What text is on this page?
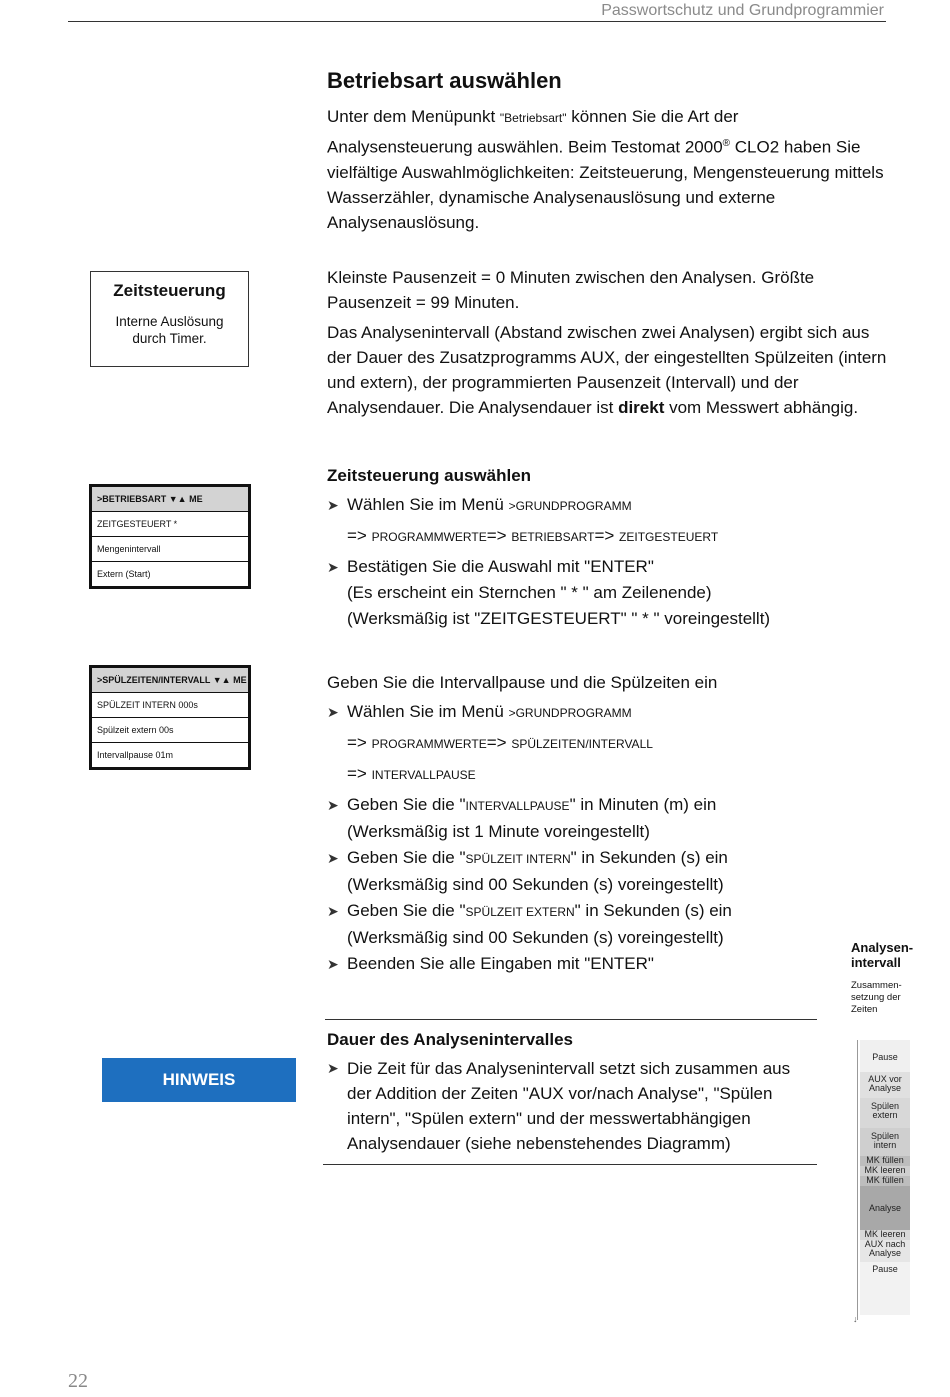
Passwortschutz und Grundprogrammier
Betriebsart auswählen

Unter dem Menüpunkt "Betriebsart" können Sie die Art der Analysensteuerung auswählen. Beim Testomat 2000® CLO2 haben Sie vielfältige Auswahlmöglichkeiten: Zeitsteuerung, Mengensteuerung mittels Wasserzähler, dynamische Analysenauslösung und externe Analysenauslösung.

Zeitsteuerung
Interne Auslösung durch Timer.

Kleinste Pausenzeit = 0 Minuten zwischen den Analysen. Größte Pausenzeit = 99 Minuten.

Das Analysenintervall (Abstand zwischen zwei Analysen) ergibt sich aus der Dauer des Zusatzprogramms AUX, der eingestellten Spülzeiten (intern und extern), der programmierten Pausenzeit (Intervall) und der Analysendauer. Die Analysendauer ist direkt vom Messwert abhängig.

>BETRIEBSART ▼▲ ME
ZEITGESTEUERT *
Mengenintervall
Extern (Start)
Zeitsteuerung auswählen
➤ Wählen Sie im Menü >GRUNDPROGRAMM
=> PROGRAMMWERTE=> BETRIEBSART=> ZEITGESTEUERT
➤ Bestätigen Sie die Auswahl mit "ENTER"
(Es erscheint ein Sternchen " * " am Zeilenende)
(Werksmäßig ist "ZEITGESTEUERT" " * " voreingestellt)
>SPÜLZEITEN/INTERVALL ▼▲ ME
SPÜLZEIT INTERN 000s
Spülzeit extern 00s
Intervallpause 01m
Geben Sie die Intervallpause und die Spülzeiten ein
➤ Wählen Sie im Menü >GRUNDPROGRAMM
=> PROGRAMMWERTE=> SPÜLZEITEN/INTERVALL
=> INTERVALLPAUSE
➤ Geben Sie die "INTERVALLPAUSE" in Minuten (m) ein
(Werksmäßig ist 1 Minute voreingestellt)
➤ Geben Sie die "SPÜLZEIT INTERN" in Sekunden (s) ein
(Werksmäßig sind 00 Sekunden (s) voreingestellt)
➤ Geben Sie die "SPÜLZEIT EXTERN" in Sekunden (s) ein
(Werksmäßig sind 00 Sekunden (s) voreingestellt)
➤ Beenden Sie alle Eingaben mit "ENTER"
Analysen-
intervall
Zusammen-
setzung der
Zeiten
HINWEIS
Dauer des Analysenintervalles
➤ Die Zeit für das Analysenintervall setzt sich zusammen aus der Addition der Zeiten "AUX vor/nach Analyse", "Spülen intern", "Spülen extern" und der messwertabhängigen Analysendauer (siehe nebenstehendes Diagramm)
↓
Pause
AUX vor Analyse
Spülen extern
Spülen intern
MK füllen
MK leeren
MK füllen
Analyse
MK leeren
AUX nach Analyse
Pause
22
